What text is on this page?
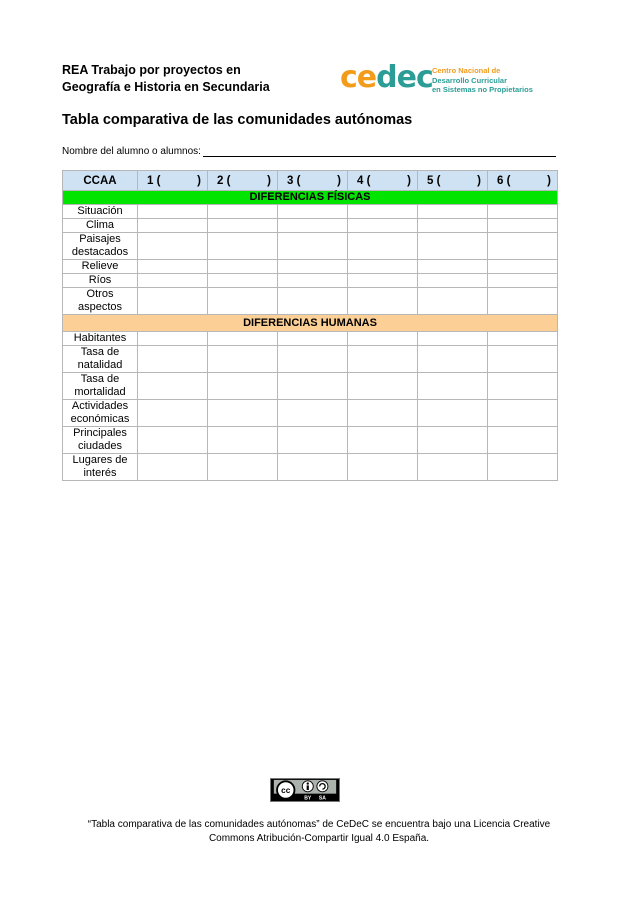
REA Trabajo por proyectos en
Geografía e Historia en Secundaria	cedec Centro Nacional de
Desarrollo Curricular
en Sistemas no Propietarios
Tabla comparativa de las comunidades autónomas
Nombre del alumno o alumnos:
CCAA	1 ( )	2 ( )	3 ( )	4 ( )	5 ( )	6 ( )

DIFERENCIAS FÍSICAS						

Situación						

Clima						

Paisajes
destacados						

Relieve						

Ríos						

Otros
aspectos						

DIFERENCIAS HUMANAS						

Habitantes						

Tasa de
natalidad						

Tasa de
mortalidad						

Actividades
económicas						

Principales
ciudades						

Lugares de
interés						

cc
BY SA
“Tabla comparativa de las comunidades autónomas” de CeDeC se encuentra bajo una Licencia Creative
Commons Atribución-Compartir Igual 4.0 España.
